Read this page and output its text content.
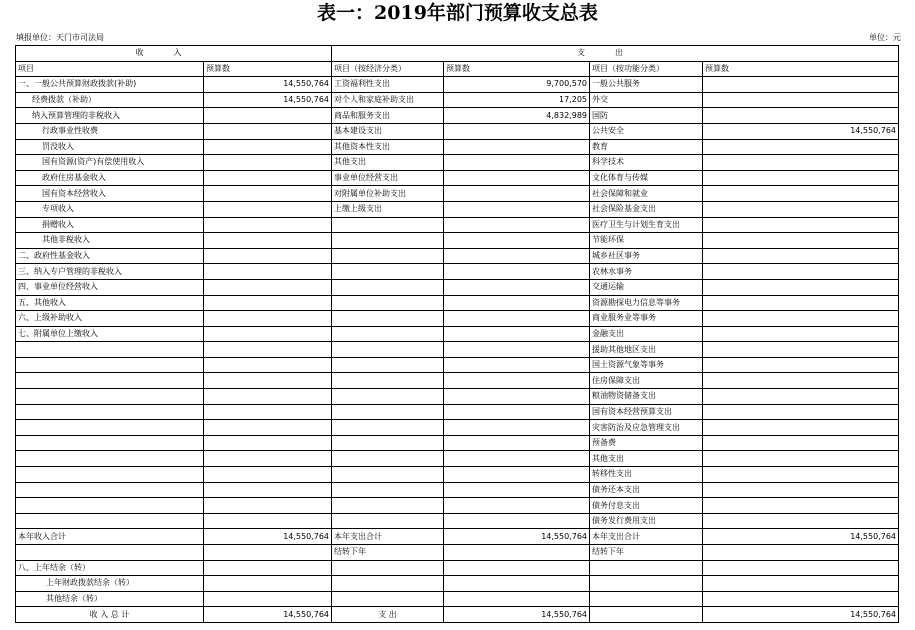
表一：2019年部门预算收支总表
填报单位：天门市司法局	单位：元
收入		支出			
项目	预算数	项目（按经济分类）	预算数	项目（按功能分类）	预算数
一、一般公共预算财政拨款(补助)	14,550,764	工资福利性支出	9,700,570	一般公共服务	
经费拨款（补助）	14,550,764	对个人和家庭补助支出	17,205	外交	
纳入预算管理的非税收入		商品和服务支出	4,832,989	国防	
行政事业性收费		基本建设支出		公共安全	14,550,764
罚没收入		其他资本性支出		教育	
国有资源(资产)有偿使用收入		其他支出		科学技术	
政府住房基金收入		事业单位经营支出		文化体育与传媒	
国有资本经营收入		对附属单位补助支出		社会保障和就业	
专项收入		上缴上级支出		社会保险基金支出	
捐赠收入				医疗卫生与计划生育支出	
其他非税收入				节能环保	
二、政府性基金收入				城乡社区事务	
三、纳入专户管理的非税收入				农林水事务	
四、事业单位经营收入				交通运输	
五、其他收入				资源勘探电力信息等事务	
六、上级补助收入				商业服务业等事务	
七、附属单位上缴收入				金融支出	
				援助其他地区支出	
				国土资源气象等事务	
				住房保障支出	
				粮油物资储备支出	
				国有资本经营预算支出	
				灾害防治及应急管理支出	
				预备费	
				其他支出	
				转移性支出	
				债务还本支出	
				债务付息支出	
				债务发行费用支出	
本年收入合计	14,550,764	本年支出合计	14,550,764	本年支出合计	14,550,764
		结转下年		结转下年	
八、上年结余（转）					
上年财政拨款结余（转）					
其他结余（转）					
收 入 总 计	14,550,764	支 出	14,550,764		14,550,764
